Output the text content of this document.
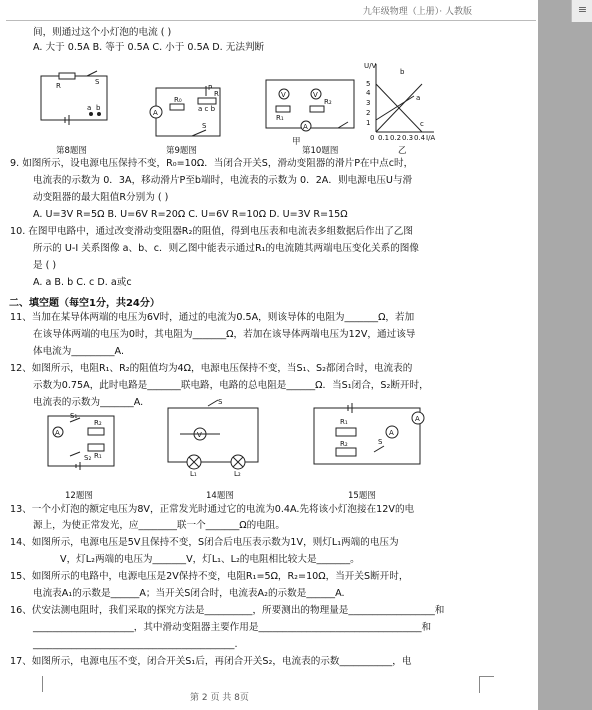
九年级物理（上册）· 人教版
间，则通过这个小灯泡的电流 ( )
A. 大于 0.5A B. 等于 0.5A C. 小于 0.5A D. 无法判断
R	S
a b
第8题图
A
R₀
P
R
a c b
S
第9题图
V	V
A
R₁
R₂
甲
第10题图
U/V
I/A
5
4
3
2
1
0 0.1 0.2 0.3 0.4
b
a
c
乙
9. 如图所示，设电源电压保持不变，R₀=10Ω．当闭合开关S，滑动变阻器的滑片P在中点c时，
电流表的示数为 0．3A，移动滑片P至b端时，电流表的示数为 0．2A．则电源电压U与滑
动变阻器的最大阻值R分别为 ( )
A. U=3V R=5Ω B. U=6V R=20Ω C. U=6V R=10Ω D. U=3V R=15Ω
10. 在图甲电路中，通过改变滑动变阻器R₂的阻值，得到电压表和电流表多组数据后作出了乙图
所示的 U-I 关系图像 a、b、c．则乙图中能表示通过R₁的电流随其两端电压变化关系的图像
是 ( )
A. a B. b C. c D. a或c
二、填空题（每空1分，共24分）
11、当加在某导体两端的电压为6V时，通过的电流为0.5A，则该导体的电阻为_______Ω，若加
在该导体两端的电压为0时，其电阻为_______Ω，若加在该导体两端电压为12V，通过该导
体电流为_________A.
12、如图所示，电阻R₁、R₂的阻值均为4Ω，电源电压保持不变，当S₁、S₂都闭合时，电流表的
示数为0.75A，此时电路是_______联电路，电路的总电阻是______Ω．当S₁闭合，S₂断开时，
电流表的示数为_______A.
A
S₁
R₂
R₁
S₂
12题图
V
S
L₁	L₂
14题图
A
A
R₁
R₂	S
15题图
13、一个小灯泡的额定电压为8V，正常发光时通过它的电流为0.4A.先将该小灯泡接在12V的电
源上，为使正常发光，应________联一个_______Ω的电阻。
14、如图所示，电源电压是5V且保持不变，S闭合后电压表示数为1V，则灯L₁两端的电压为
V，灯L₂两端的电压为_______V，灯L₁、L₂的电阻相比较大是_______。
15、如图所示的电路中，电源电压是2V保持不变，电阻R₁=5Ω，R₂=10Ω，当开关S断开时，
电流表A₁的示数是______A；当开关S闭合时，电流表A₂的示数是______A.
16、伏安法测电阻时，我们采取的探究方法是__________，所要测出的物理量是__________________和
_____________________，其中滑动变阻器主要作用是__________________________________和
__________________________________________.
17、如图所示，电源电压不变，闭合开关S₁后，再闭合开关S₂，电流表的示数___________，电
第 2 页 共 8页
≡
